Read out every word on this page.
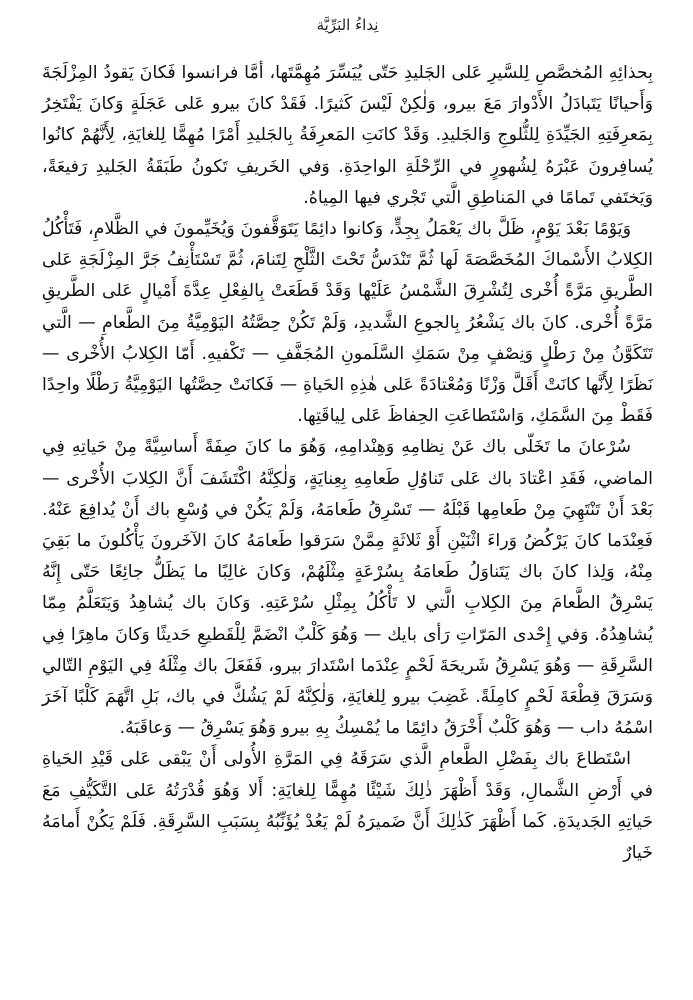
نِداءُ البَرِّيَّة

بِحذائِهِ المُخصَّصِ لِلسَّيرِ عَلى الجَليدِ حَتّى يُيَسِّرَ مُهِمَّتَها، أمَّا فرانسوا فَكانَ يَقودُ المِزْلَجَةَ وَأَحيانًا يَتَبادَلُ الأَدْوارَ مَعَ بيرو، وَلٰكِنْ لَيْسَ كَثيرًا. فَقَدْ كانَ بيرو عَلى عَجَلَةٍ وَكانَ يَفْتَخِرُ بِمَعرِفَتِهِ الجَيِّدَةِ لِلثُّلوجِ وَالجَليدِ. وَقَدْ كانَتِ المَعرِفَةُ بِالجَليدِ أَمْرًا مُهِمًّا لِلغايَةِ، لِأَنَّهُمْ كانُوا يُسافِرونَ عَبْرَهُ لِشُهورٍ في الرِّحْلَةِ الواحِدَةِ. وَفي الخَريفِ تَكونُ طَبَقَةُ الجَليدِ رَفيعَةً، وَيَختَفي تَمامًا في المَناطِقِ الَّتي تَجْري فيها المِياهُ.

وَيَوْمًا بَعْدَ يَوْمٍ، ظَلَّ باك يَعْمَلُ بِجِدٍّ، وَكانوا دائِمًا يَتَوَقَّفونَ وَيُخَيِّمونَ في الظَّلامِ، فَتَأْكُلُ الكِلابُ الأَسْماكَ المُخَصَّصَةَ لَها ثُمَّ تَنْدَسُّ تَحْتَ الثَّلْجِ لِتَنامَ، ثُمَّ تَسْتَأْنِفُ جَرَّ المِزْلَجَةِ عَلى الطَّريقِ مَرَّةً أُخْرى لِتُشْرِقَ الشَّمْسُ عَلَيْها وَقَدْ قَطَعَتْ بِالفِعْلِ عِدَّةَ أَمْيالٍ عَلى الطَّريقِ مَرَّةً أُخْرى. كانَ باك يَشْعُرُ بِالجوعِ الشَّديدِ، وَلَمْ تَكُنْ حِصَّتُهُ اليَوْمِيَّةُ مِنَ الطَّعامِ — الَّتي تَتَكَوَّنُ مِنْ رَطْلٍ وَنِصْفٍ مِنْ سَمَكِ السَّلَمونِ المُجَفَّفِ — تَكْفيهِ. أَمّا الكِلابُ الأُخْرى — نَظَرًا لِأَنَّها كانَتْ أَقَلَّ وَزْنًا وَمُعْتادَةً عَلى هٰذِهِ الحَياةِ — فَكانَتْ حِصَّتُها اليَوْمِيَّةُ رَطْلًا واحِدًا فَقَطْ مِنَ السَّمَكِ، وَاسْتَطاعَتِ الحِفاظَ عَلى لِياقَتِها.

سُرْعانَ ما تَخَلّى باك عَنْ نِظامِهِ وَهِنْدامِهِ، وَهُوَ ما كانَ صِفَةً أَساسِيَّةً مِنْ حَياتِهِ فِي الماضي، فَقَدِ اعْتادَ باك عَلى تَناوُلِ طَعامِهِ بِعِنايَةٍ، وَلٰكِنَّهُ اكْتَشَفَ أَنَّ الكِلابَ الأُخْرى — بَعْدَ أَنْ تَنْتَهِيَ مِنْ طَعامِها قَبْلَهُ — تَسْرِقُ طَعامَهُ، وَلَمْ يَكُنْ في وُسْعِ باك أَنْ يُدافِعَ عَنْهُ. فَعِنْدَما كانَ يَرْكُضُ وَراءَ اثْنَيْنِ أَوْ ثَلاثَةٍ مِمَّنْ سَرَقوا طَعامَهُ كانَ الآخَرونَ يَأْكُلونَ ما بَقِيَ مِنْهُ، وَلِذا كانَ باك يَتَناوَلُ طَعامَهُ بِسُرْعَةٍ مِثْلَهُمْ، وَكانَ غالِبًا ما يَظَلُّ جائِعًا حَتّى إِنَّهُ يَسْرِقُ الطَّعامَ مِنَ الكِلابِ الَّتي لا تَأْكُلُ بِمِثْلِ سُرْعَتِهِ. وَكانَ باك يُشاهِدُ وَيَتَعَلَّمُ مِمّا يُشاهِدُهُ. وَفي إِحْدى المَرّاتِ رَأى بايك — وَهُوَ كَلْبٌ انْضَمَّ لِلْقَطيعِ حَديثًا وَكانَ ماهِرًا فِي السَّرِقَةِ — وَهُوَ يَسْرِقُ شَريحَةَ لَحْمٍ عِنْدَما اسْتَدارَ بيرو، فَفَعَلَ باك مِثْلَهُ فِي اليَوْمِ التّالي وَسَرَقَ قِطْعَةَ لَحْمٍ كامِلَةً. غَضِبَ بيرو لِلغايَةِ، وَلٰكِنَّهُ لَمْ يَشُكَّ في باك، بَلِ اتَّهَمَ كَلْبًا آخَرَ اسْمُهُ داب — وَهُوَ كَلْبٌ أَخْرَقُ دائِمًا ما يُمْسِكُ بِهِ بيرو وَهُوَ يَسْرِقُ — وَعاقَبَهُ.

اسْتَطاعَ باك بِفَضْلِ الطَّعامِ الَّذي سَرَقَهُ فِي المَرَّةِ الأُولى أَنْ يَبْقى عَلى قَيْدِ الحَياةِ في أَرْضِ الشَّمالِ، وَقَدْ أَظْهَرَ ذٰلِكَ شَيْئًا مُهِمًّا لِلغايَةِ: أَلا وَهُوَ قُدْرَتُهُ عَلى التَّكَيُّفِ مَعَ حَياتِهِ الجَديدَةِ. كَما أَظْهَرَ كَذٰلِكَ أَنَّ ضَميرَهُ لَمْ يَعُدْ يُؤَنِّبُهُ بِسَبَبِ السَّرِقَةِ. فَلَمْ يَكُنْ أَمامَهُ خَيارٌ
